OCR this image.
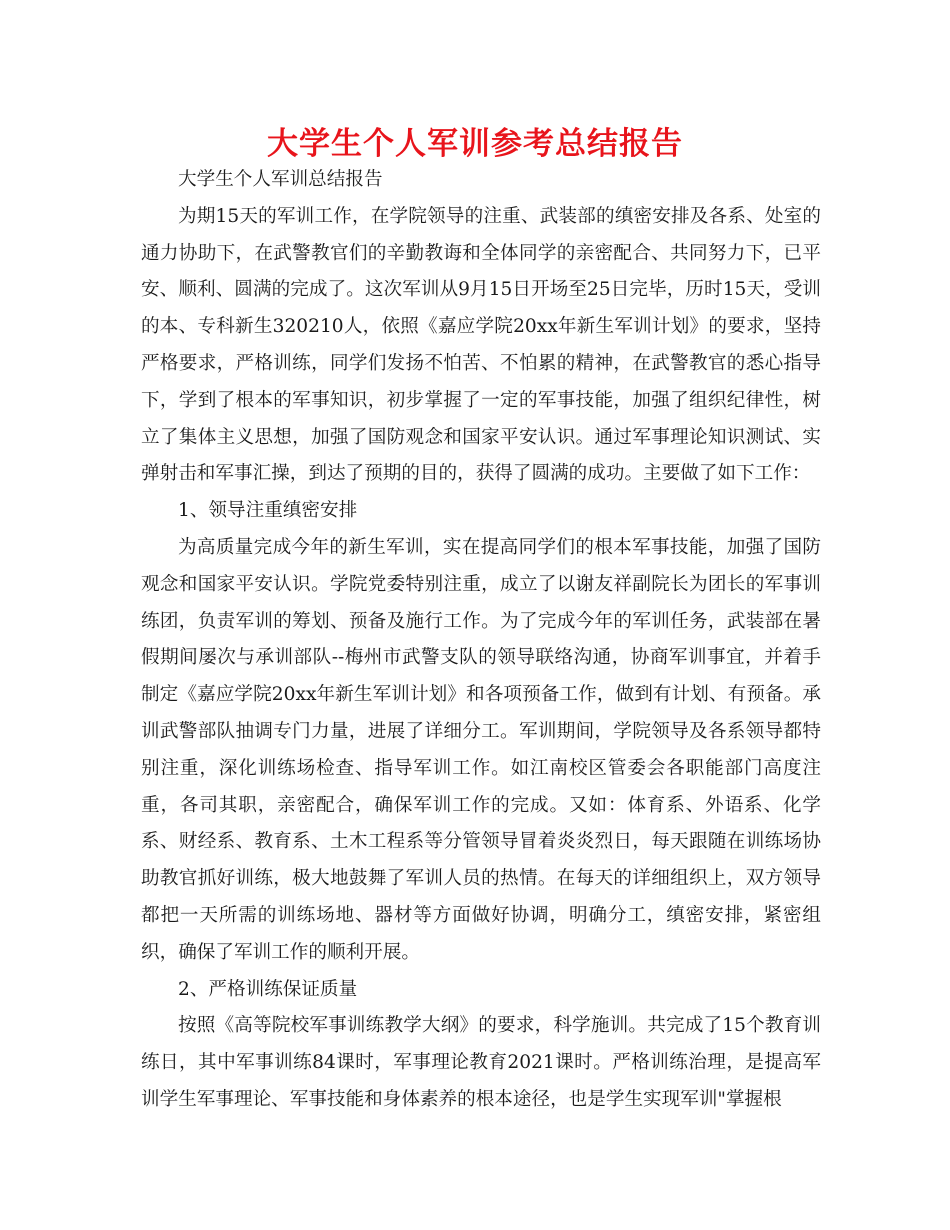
大学生个人军训参考总结报告

大学生个人军训总结报告

为期15天的军训工作，在学院领导的注重、武装部的缜密安排及各系、处室的通力协助下，在武警教官们的辛勤教诲和全体同学的亲密配合、共同努力下，已平安、顺利、圆满的完成了。这次军训从9月15日开场至25日完毕，历时15天，受训的本、专科新生320210人，依照《嘉应学院20xx年新生军训计划》的要求，坚持严格要求，严格训练，同学们发扬不怕苦、不怕累的精神，在武警教官的悉心指导下，学到了根本的军事知识，初步掌握了一定的军事技能，加强了组织纪律性，树立了集体主义思想，加强了国防观念和国家平安认识。通过军事理论知识测试、实弹射击和军事汇操，到达了预期的目的，获得了圆满的成功。主要做了如下工作：

1、领导注重缜密安排

为高质量完成今年的新生军训，实在提高同学们的根本军事技能，加强了国防观念和国家平安认识。学院党委特别注重，成立了以谢友祥副院长为团长的军事训练团，负责军训的筹划、预备及施行工作。为了完成今年的军训任务，武装部在暑假期间屡次与承训部队--梅州市武警支队的领导联络沟通，协商军训事宜，并着手制定《嘉应学院20xx年新生军训计划》和各项预备工作，做到有计划、有预备。承训武警部队抽调专门力量，进展了详细分工。军训期间，学院领导及各系领导都特别注重，深化训练场检查、指导军训工作。如江南校区管委会各职能部门高度注重，各司其职，亲密配合，确保军训工作的完成。又如：体育系、外语系、化学系、财经系、教育系、土木工程系等分管领导冒着炎炎烈日，每天跟随在训练场协助教官抓好训练，极大地鼓舞了军训人员的热情。在每天的详细组织上，双方领导都把一天所需的训练场地、器材等方面做好协调，明确分工，缜密安排，紧密组织，确保了军训工作的顺利开展。

2、严格训练保证质量

按照《高等院校军事训练教学大纲》的要求，科学施训。共完成了15个教育训练日，其中军事训练84课时，军事理论教育2021课时。严格训练治理，是提高军训学生军事理论、军事技能和身体素养的根本途径，也是学生实现军训"掌握根
